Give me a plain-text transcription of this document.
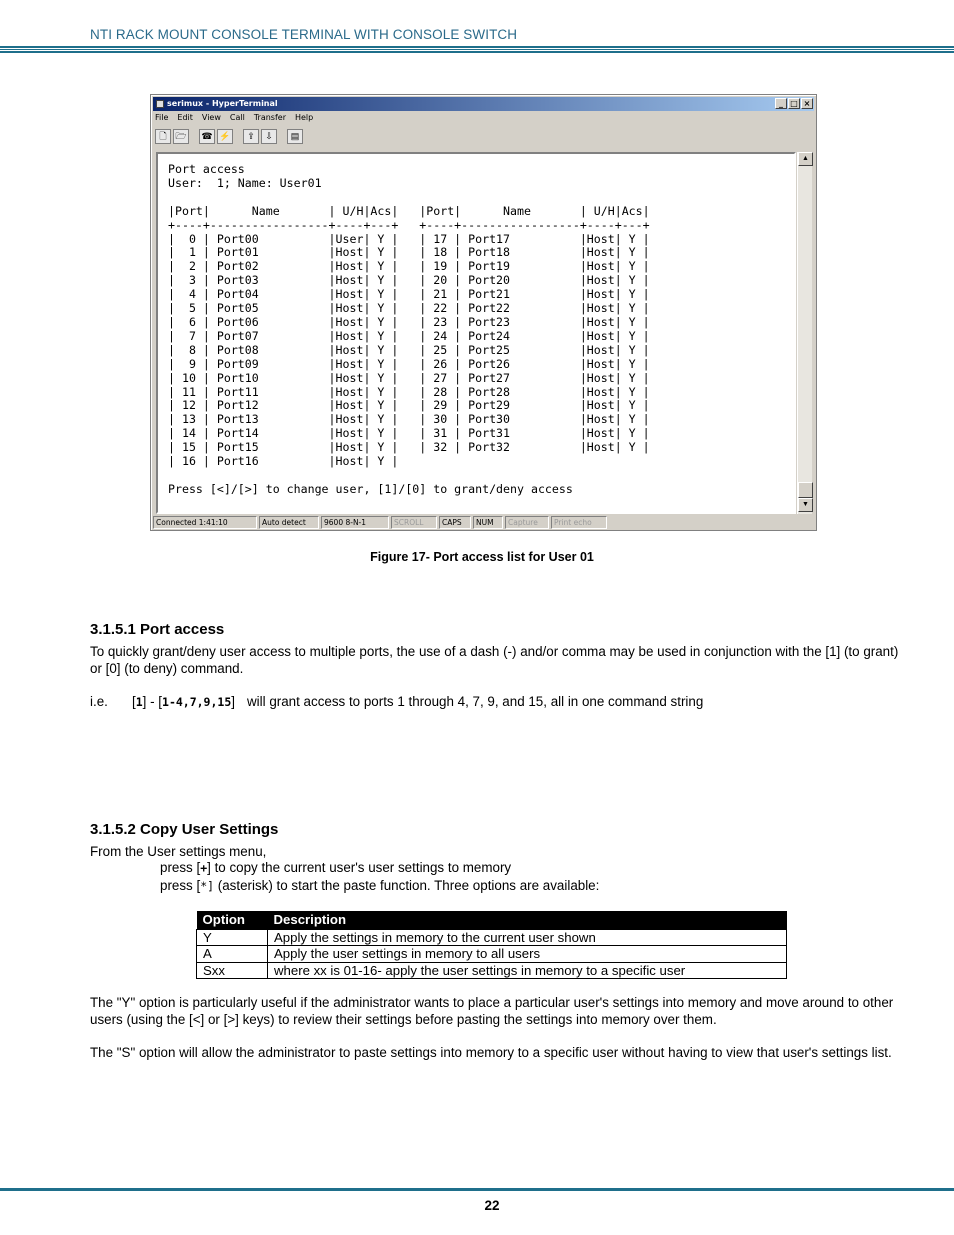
NTI RACK MOUNT CONSOLE TERMINAL WITH CONSOLE SWITCH
serimux - HyperTerminal	_ □ ×
File Edit View Call Transfer Help
🗋 🗁 ☎ ⚡	⇪	⇩	▤
Port access
User:  1; Name: User01

|Port|      Name       | U/H|Acs|   |Port|      Name       | U/H|Acs|
+----+-----------------+----+---+   +----+-----------------+----+---+
|  0 | Port00          |User| Y |   | 17 | Port17          |Host| Y |
|  1 | Port01          |Host| Y |   | 18 | Port18          |Host| Y |
|  2 | Port02          |Host| Y |   | 19 | Port19          |Host| Y |
|  3 | Port03          |Host| Y |   | 20 | Port20          |Host| Y |
|  4 | Port04          |Host| Y |   | 21 | Port21          |Host| Y |
|  5 | Port05          |Host| Y |   | 22 | Port22          |Host| Y |
|  6 | Port06          |Host| Y |   | 23 | Port23          |Host| Y |
|  7 | Port07          |Host| Y |   | 24 | Port24          |Host| Y |
|  8 | Port08          |Host| Y |   | 25 | Port25          |Host| Y |
|  9 | Port09          |Host| Y |   | 26 | Port26          |Host| Y |
| 10 | Port10          |Host| Y |   | 27 | Port27          |Host| Y |
| 11 | Port11          |Host| Y |   | 28 | Port28          |Host| Y |
| 12 | Port12          |Host| Y |   | 29 | Port29          |Host| Y |
| 13 | Port13          |Host| Y |   | 30 | Port30          |Host| Y |
| 14 | Port14          |Host| Y |   | 31 | Port31          |Host| Y |
| 15 | Port15          |Host| Y |   | 32 | Port32          |Host| Y |
| 16 | Port16          |Host| Y |

Press [<]/[>] to change user, [1]/[0] to grant/deny access
▲
▼
Connected 1:41:10	Auto detect	9600 8-N-1	SCROLL	CAPS	NUM	Capture	Print echo
Figure 17- Port access list for User 01
3.1.5.1 Port access
To quickly grant/deny user access to multiple ports, the use of a dash (-) and/or comma may be used in conjunction with the [1] (to grant) or [0] (to deny) command.
i.e.	[1] - [1-4,7,9,15] will grant access to ports 1 through 4, 7, 9, and 15, all in one command string
3.1.5.2 Copy User Settings
From the User settings menu,
press [+] to copy the current user's user settings to memory
press [*] (asterisk) to start the paste function. Three options are available:
Option	Description
Y	Apply the settings in memory to the current user shown
A	Apply the user settings in memory to all users
Sxx	where xx is 01-16- apply the user settings in memory to a specific user
The "Y" option is particularly useful if the administrator wants to place a particular user's settings into memory and move around to other users (using the [<] or [>] keys) to review their settings before pasting the settings into memory over them.
The "S" option will allow the administrator to paste settings into memory to a specific user without having to view that user's settings list.
22
